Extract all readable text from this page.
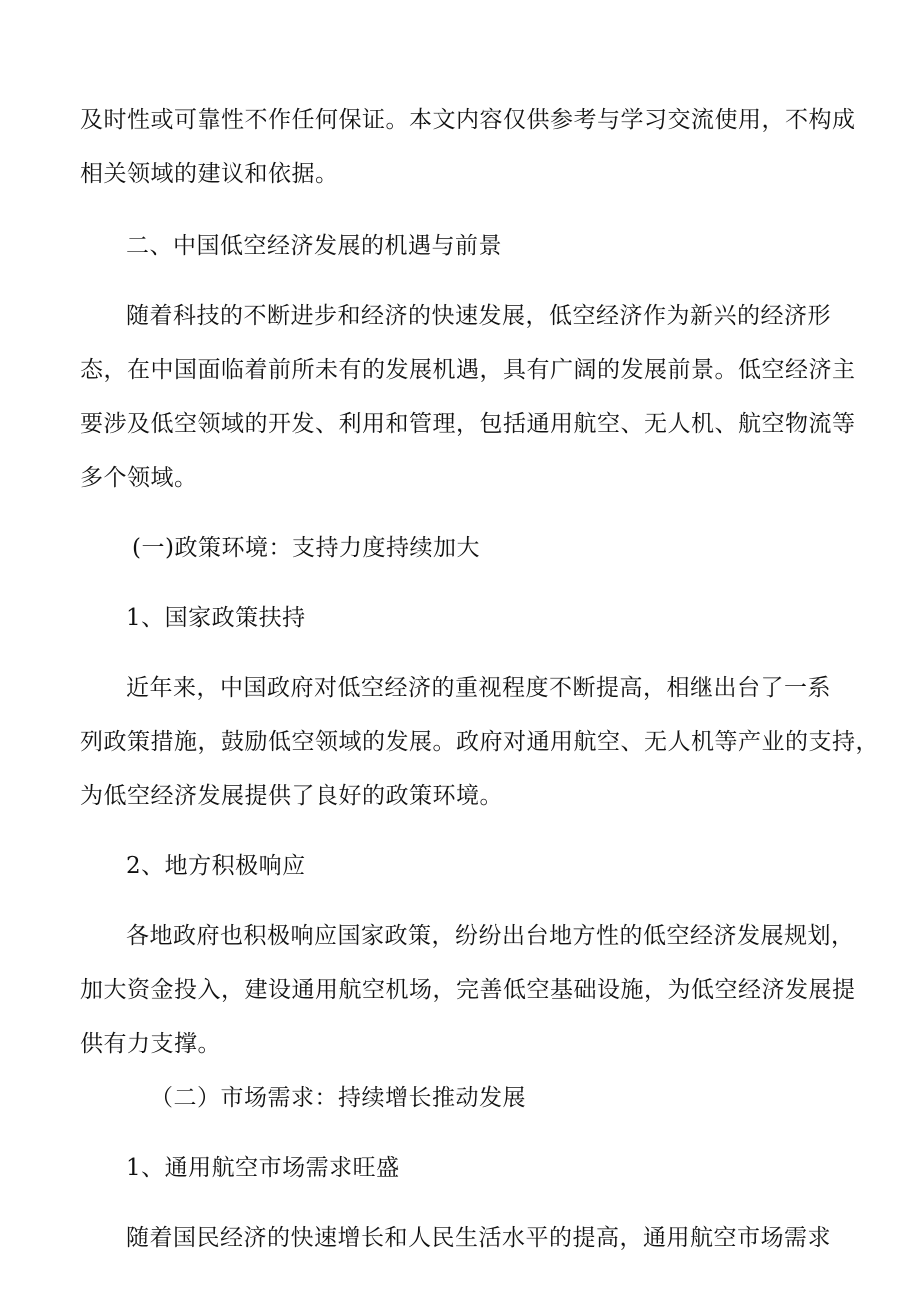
及时性或可靠性不作任何保证。本文内容仅供参考与学习交流使用，不构成
相关领域的建议和依据。
二、中国低空经济发展的机遇与前景
随着科技的不断进步和经济的快速发展，低空经济作为新兴的经济形
态，在中国面临着前所未有的发展机遇，具有广阔的发展前景。低空经济主
要涉及低空领域的开发、利用和管理，包括通用航空、无人机、航空物流等
多个领域。
(一)政策环境：支持力度持续加大
1、国家政策扶持
近年来，中国政府对低空经济的重视程度不断提高，相继出台了一系
列政策措施，鼓励低空领域的发展。政府对通用航空、无人机等产业的支持，
为低空经济发展提供了良好的政策环境。
2、地方积极响应
各地政府也积极响应国家政策，纷纷出台地方性的低空经济发展规划，
加大资金投入，建设通用航空机场，完善低空基础设施，为低空经济发展提
供有力支撑。
（二）市场需求：持续增长推动发展
1、通用航空市场需求旺盛
随着国民经济的快速增长和人民生活水平的提高，通用航空市场需求
